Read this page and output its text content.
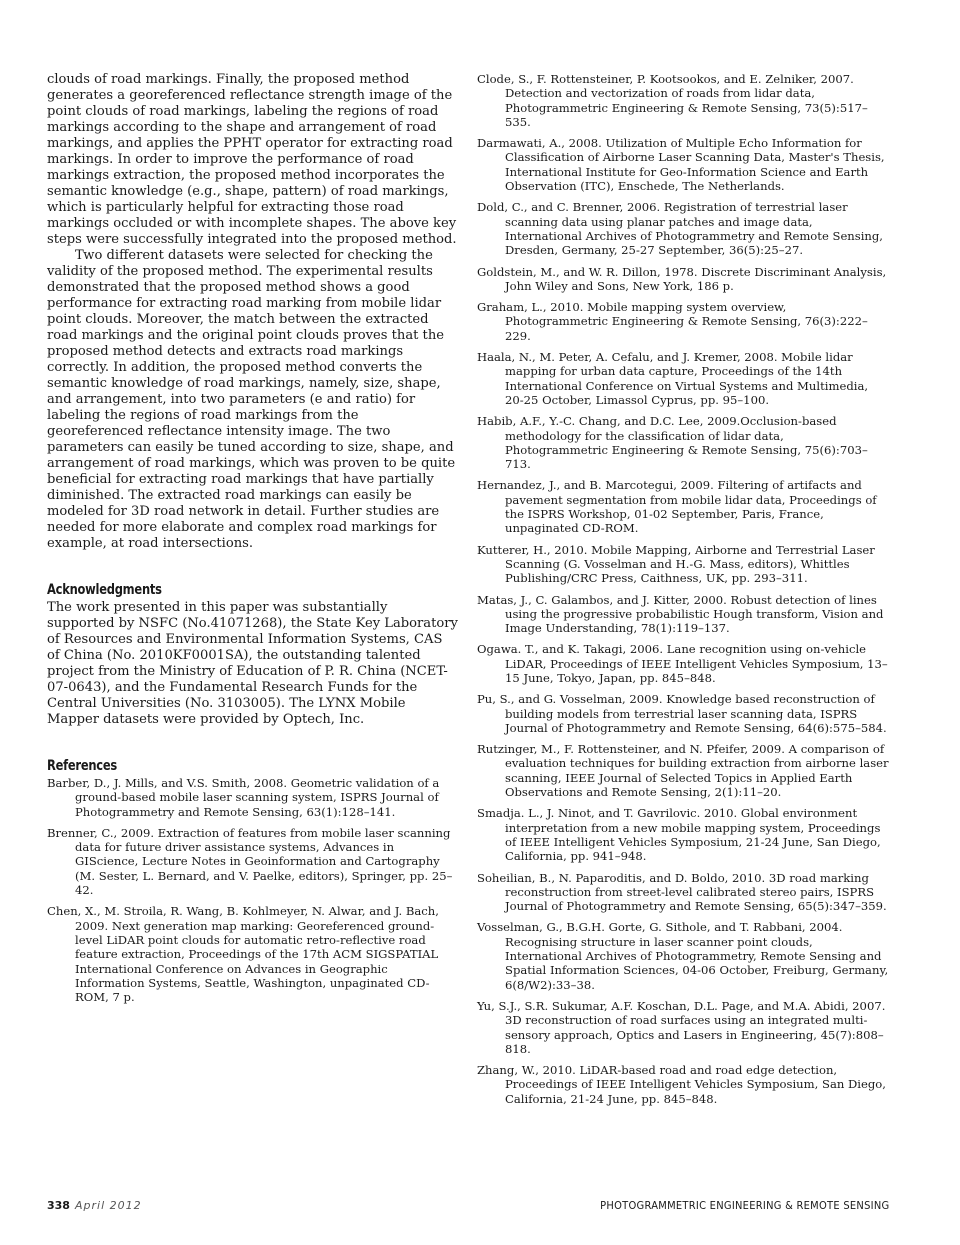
clouds of road markings. Finally, the proposed method generates a georeferenced reflectance strength image of the point clouds of road markings, labeling the regions of road markings according to the shape and arrangement of road markings, and applies the PPHT operator for extracting road markings. In order to improve the performance of road markings extraction, the proposed method incorporates the semantic knowledge (e.g., shape, pattern) of road markings, which is particularly helpful for extracting those road markings occluded or with incomplete shapes. The above key steps were successfully integrated into the proposed method.

Two different datasets were selected for checking the validity of the proposed method. The experimental results demonstrated that the proposed method shows a good performance for extracting road marking from mobile lidar point clouds. Moreover, the match between the extracted road markings and the original point clouds proves that the proposed method detects and extracts road markings correctly. In addition, the proposed method converts the semantic knowledge of road markings, namely, size, shape, and arrangement, into two parameters (e and ratio) for labeling the regions of road markings from the georeferenced reflectance intensity image. The two parameters can easily be tuned according to size, shape, and arrangement of road markings, which was proven to be quite beneficial for extracting road markings that have partially diminished. The extracted road markings can easily be modeled for 3D road network in detail. Further studies are needed for more elaborate and complex road markings for example, at road intersections.

Acknowledgments

The work presented in this paper was substantially supported by NSFC (No.41071268), the State Key Laboratory of Resources and Environmental Information Systems, CAS of China (No. 2010KF0001SA), the outstanding talented project from the Ministry of Education of P. R. China (NCET-07-0643), and the Fundamental Research Funds for the Central Universities (No. 3103005). The LYNX Mobile Mapper datasets were provided by Optech, Inc.

References

Barber, D., J. Mills, and V.S. Smith, 2008. Geometric validation of a ground-based mobile laser scanning system, ISPRS Journal of Photogrammetry and Remote Sensing, 63(1):128–141.

Brenner, C., 2009. Extraction of features from mobile laser scanning data for future driver assistance systems, Advances in GIScience, Lecture Notes in Geoinformation and Cartography (M. Sester, L. Bernard, and V. Paelke, editors), Springer, pp. 25–42.

Chen, X., M. Stroila, R. Wang, B. Kohlmeyer, N. Alwar, and J. Bach, 2009. Next generation map marking: Georeferenced ground-level LiDAR point clouds for automatic retro-reflective road feature extraction, Proceedings of the 17th ACM SIGSPATIAL International Conference on Advances in Geographic Information Systems, Seattle, Washington, unpaginated CD-ROM, 7 p.

Clode, S., F. Rottensteiner, P. Kootsookos, and E. Zelniker, 2007. Detection and vectorization of roads from lidar data, Photogrammetric Engineering & Remote Sensing, 73(5):517–535.

Darmawati, A., 2008. Utilization of Multiple Echo Information for Classification of Airborne Laser Scanning Data, Master's Thesis, International Institute for Geo-Information Science and Earth Observation (ITC), Enschede, The Netherlands.

Dold, C., and C. Brenner, 2006. Registration of terrestrial laser scanning data using planar patches and image data, International Archives of Photogrammetry and Remote Sensing, Dresden, Germany, 25-27 September, 36(5):25–27.

Goldstein, M., and W. R. Dillon, 1978. Discrete Discriminant Analysis, John Wiley and Sons, New York, 186 p.

Graham, L., 2010. Mobile mapping system overview, Photogrammetric Engineering & Remote Sensing, 76(3):222–229.

Haala, N., M. Peter, A. Cefalu, and J. Kremer, 2008. Mobile lidar mapping for urban data capture, Proceedings of the 14th International Conference on Virtual Systems and Multimedia, 20-25 October, Limassol Cyprus, pp. 95–100.

Habib, A.F., Y.-C. Chang, and D.C. Lee, 2009.Occlusion-based methodology for the classification of lidar data, Photogrammetric Engineering & Remote Sensing, 75(6):703–713.

Hernandez, J., and B. Marcotegui, 2009. Filtering of artifacts and pavement segmentation from mobile lidar data, Proceedings of the ISPRS Workshop, 01-02 September, Paris, France, unpaginated CD-ROM.

Kutterer, H., 2010. Mobile Mapping, Airborne and Terrestrial Laser Scanning (G. Vosselman and H.-G. Mass, editors), Whittles Publishing/CRC Press, Caithness, UK, pp. 293–311.

Matas, J., C. Galambos, and J. Kitter, 2000. Robust detection of lines using the progressive probabilistic Hough transform, Vision and Image Understanding, 78(1):119–137.

Ogawa. T., and K. Takagi, 2006. Lane recognition using on-vehicle LiDAR, Proceedings of IEEE Intelligent Vehicles Symposium, 13–15 June, Tokyo, Japan, pp. 845–848.

Pu, S., and G. Vosselman, 2009. Knowledge based reconstruction of building models from terrestrial laser scanning data, ISPRS Journal of Photogrammetry and Remote Sensing, 64(6):575–584.

Rutzinger, M., F. Rottensteiner, and N. Pfeifer, 2009. A comparison of evaluation techniques for building extraction from airborne laser scanning, IEEE Journal of Selected Topics in Applied Earth Observations and Remote Sensing, 2(1):11–20.

Smadja. L., J. Ninot, and T. Gavrilovic. 2010. Global environment interpretation from a new mobile mapping system, Proceedings of IEEE Intelligent Vehicles Symposium, 21-24 June, San Diego, California, pp. 941–948.

Soheilian, B., N. Paparoditis, and D. Boldo, 2010. 3D road marking reconstruction from street-level calibrated stereo pairs, ISPRS Journal of Photogrammetry and Remote Sensing, 65(5):347–359.

Vosselman, G., B.G.H. Gorte, G. Sithole, and T. Rabbani, 2004. Recognising structure in laser scanner point clouds, International Archives of Photogrammetry, Remote Sensing and Spatial Information Sciences, 04-06 October, Freiburg, Germany, 6(8/W2):33–38.

Yu, S.J., S.R. Sukumar, A.F. Koschan, D.L. Page, and M.A. Abidi, 2007. 3D reconstruction of road surfaces using an integrated multi-sensory approach, Optics and Lasers in Engineering, 45(7):808–818.

Zhang, W., 2010. LiDAR-based road and road edge detection, Proceedings of IEEE Intelligent Vehicles Symposium, San Diego, California, 21-24 June, pp. 845–848.

338 April 2012	PHOTOGRAMMETRIC ENGINEERING & REMOTE SENSING
